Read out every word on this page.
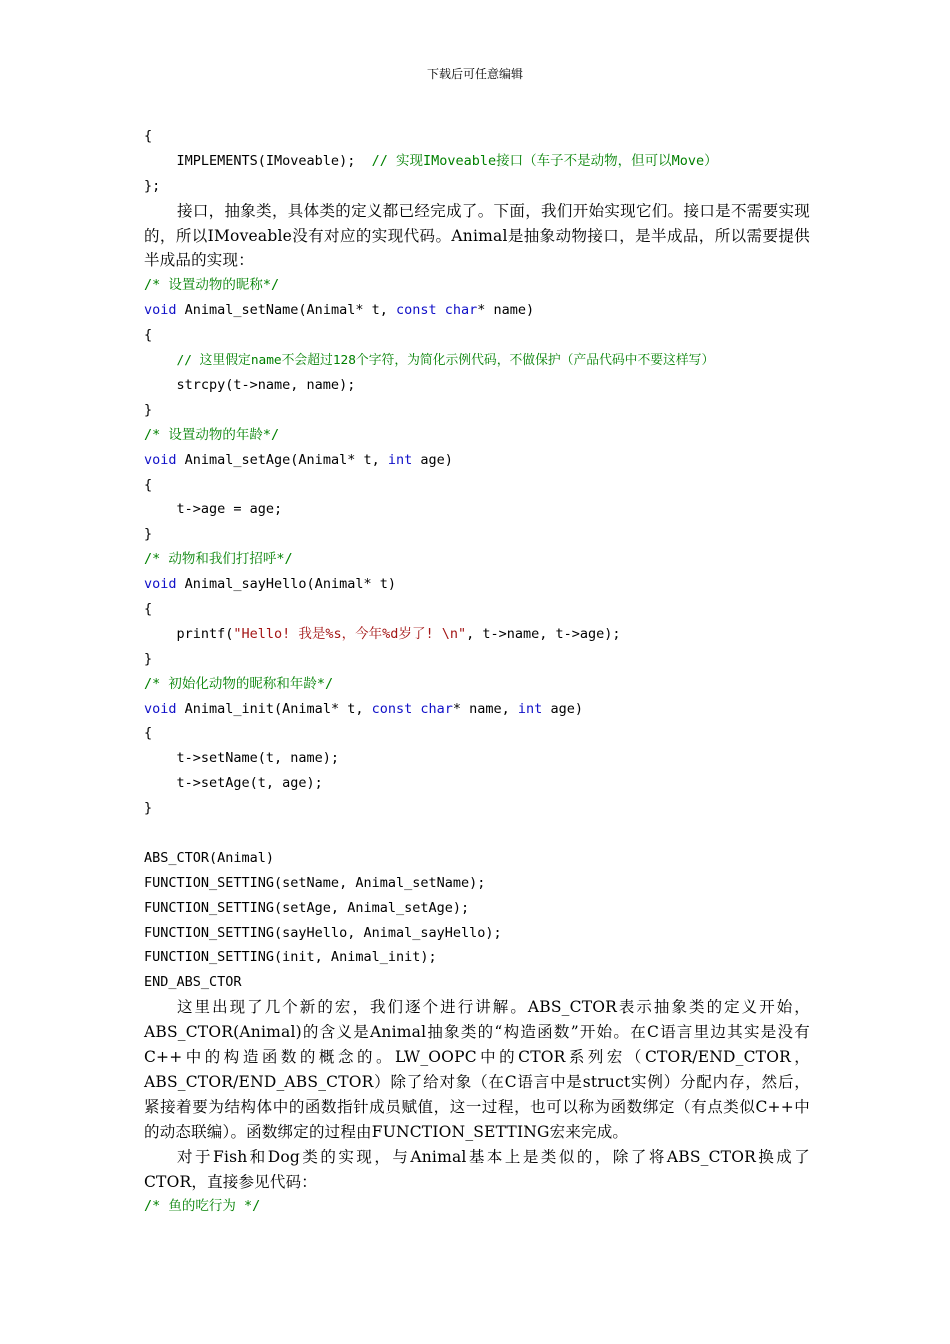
下载后可任意编辑
{
IMPLEMENTS(IMoveable);  // 实现IMoveable接口（车子不是动物，但可以Move）
};

接口，抽象类，具体类的定义都已经完成了。下面，我们开始实现它们。接口是不需要实现的，所以IMoveable没有对应的实现代码。Animal是抽象动物接口，是半成品，所以需要提供半成品的实现：

/* 设置动物的昵称*/
void Animal_setName(Animal* t, const char* name)
{
// 这里假定name不会超过128个字符，为简化示例代码，不做保护（产品代码中不要这样写）
strcpy(t->name, name);
}
/* 设置动物的年龄*/
void Animal_setAge(Animal* t, int age)
{
t->age = age;
}
/* 动物和我们打招呼*/
void Animal_sayHello(Animal* t)
{
printf("Hello! 我是%s，今年%d岁了! \n", t->name, t->age);
}
/* 初始化动物的昵称和年龄*/
void Animal_init(Animal* t, const char* name, int age)
{
t->setName(t, name);
t->setAge(t, age);
}
ABS_CTOR(Animal)
FUNCTION_SETTING(setName, Animal_setName);
FUNCTION_SETTING(setAge, Animal_setAge);
FUNCTION_SETTING(sayHello, Animal_sayHello);
FUNCTION_SETTING(init, Animal_init);
END_ABS_CTOR

这里出现了几个新的宏，我们逐个进行讲解。ABS_CTOR表示抽象类的定义开始，ABS_CTOR(Animal)的含义是Animal抽象类的“构造函数”开始。在C语言里边其实是没有C++中的构造函数的概念的。LW_OOPC中的CTOR系列宏（CTOR/END_CTOR，ABS_CTOR/END_ABS_CTOR）除了给对象（在C语言中是struct实例）分配内存，然后，紧接着要为结构体中的函数指针成员赋值，这一过程，也可以称为函数绑定（有点类似C++中的动态联编）。函数绑定的过程由FUNCTION_SETTING宏来完成。

对于Fish和Dog类的实现，与Animal基本上是类似的，除了将ABS_CTOR换成了CTOR，直接参见代码：

/* 鱼的吃行为 */
